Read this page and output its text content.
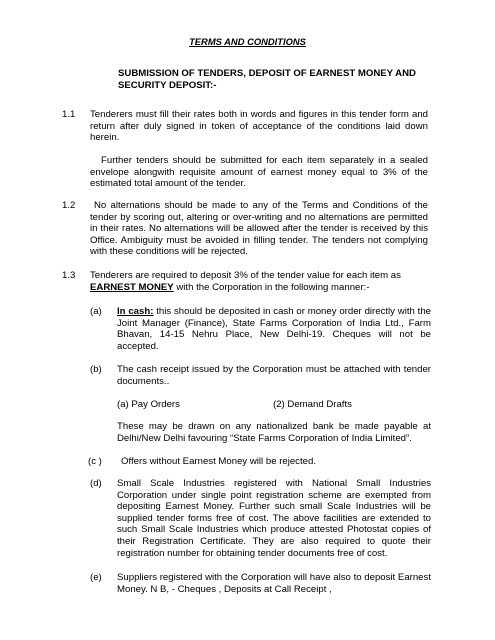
TERMS AND CONDITIONS
SUBMISSION OF TENDERS, DEPOSIT OF EARNEST MONEY AND SECURITY DEPOSIT:-
1.1 Tenderers must fill their rates both in words and figures in this tender form and return after duly signed in token of acceptance of the conditions laid down herein.
Further tenders should be submitted for each item separately in a sealed envelope alongwith requisite amount of earnest money equal to 3% of the estimated total amount of the tender.
1.2	No alternations should be made to any of the Terms and Conditions of the tender by scoring out, altering or over-writing and no alternations are permitted in their rates. No alternations will be allowed after the tender is received by this Office. Ambiguity must be avoided in filling tender. The tenders not complying with these conditions will be rejected.
1.3 Tenderers are required to deposit 3% of the tender value for each item as EARNEST MONEY with the Corporation in the following manner:-
(a) In cash: this should be deposited in cash or money order directly with the Joint Manager (Finance), State Farms Corporation of India Ltd., Farm Bhavan, 14-15 Nehru Place, New Delhi-19. Cheques will not be accepted.
(b) The cash receipt issued by the Corporation must be attached with tender documents..
(a) Pay Orders	(2) Demand Drafts
These may be drawn on any nationalized bank be made payable at Delhi/New Delhi favouring “State Farms Corporation of India Limited”.
(c ) Offers without Earnest Money will be rejected.
(d) Small Scale Industries registered with National Small Industries Corporation under single point registration scheme are exempted from depositing Earnest Money. Further such small Scale Industries will be supplied tender forms free of cost. The above facilities are extended to such Small Scale Industries which produce attested Photostat copies of their Registration Certificate. They are also required to quote their registration number for obtaining tender documents free of cost.
(e) Suppliers registered with the Corporation will have also to deposit Earnest Money. N B, - Cheques , Deposits at Call Receipt ,
